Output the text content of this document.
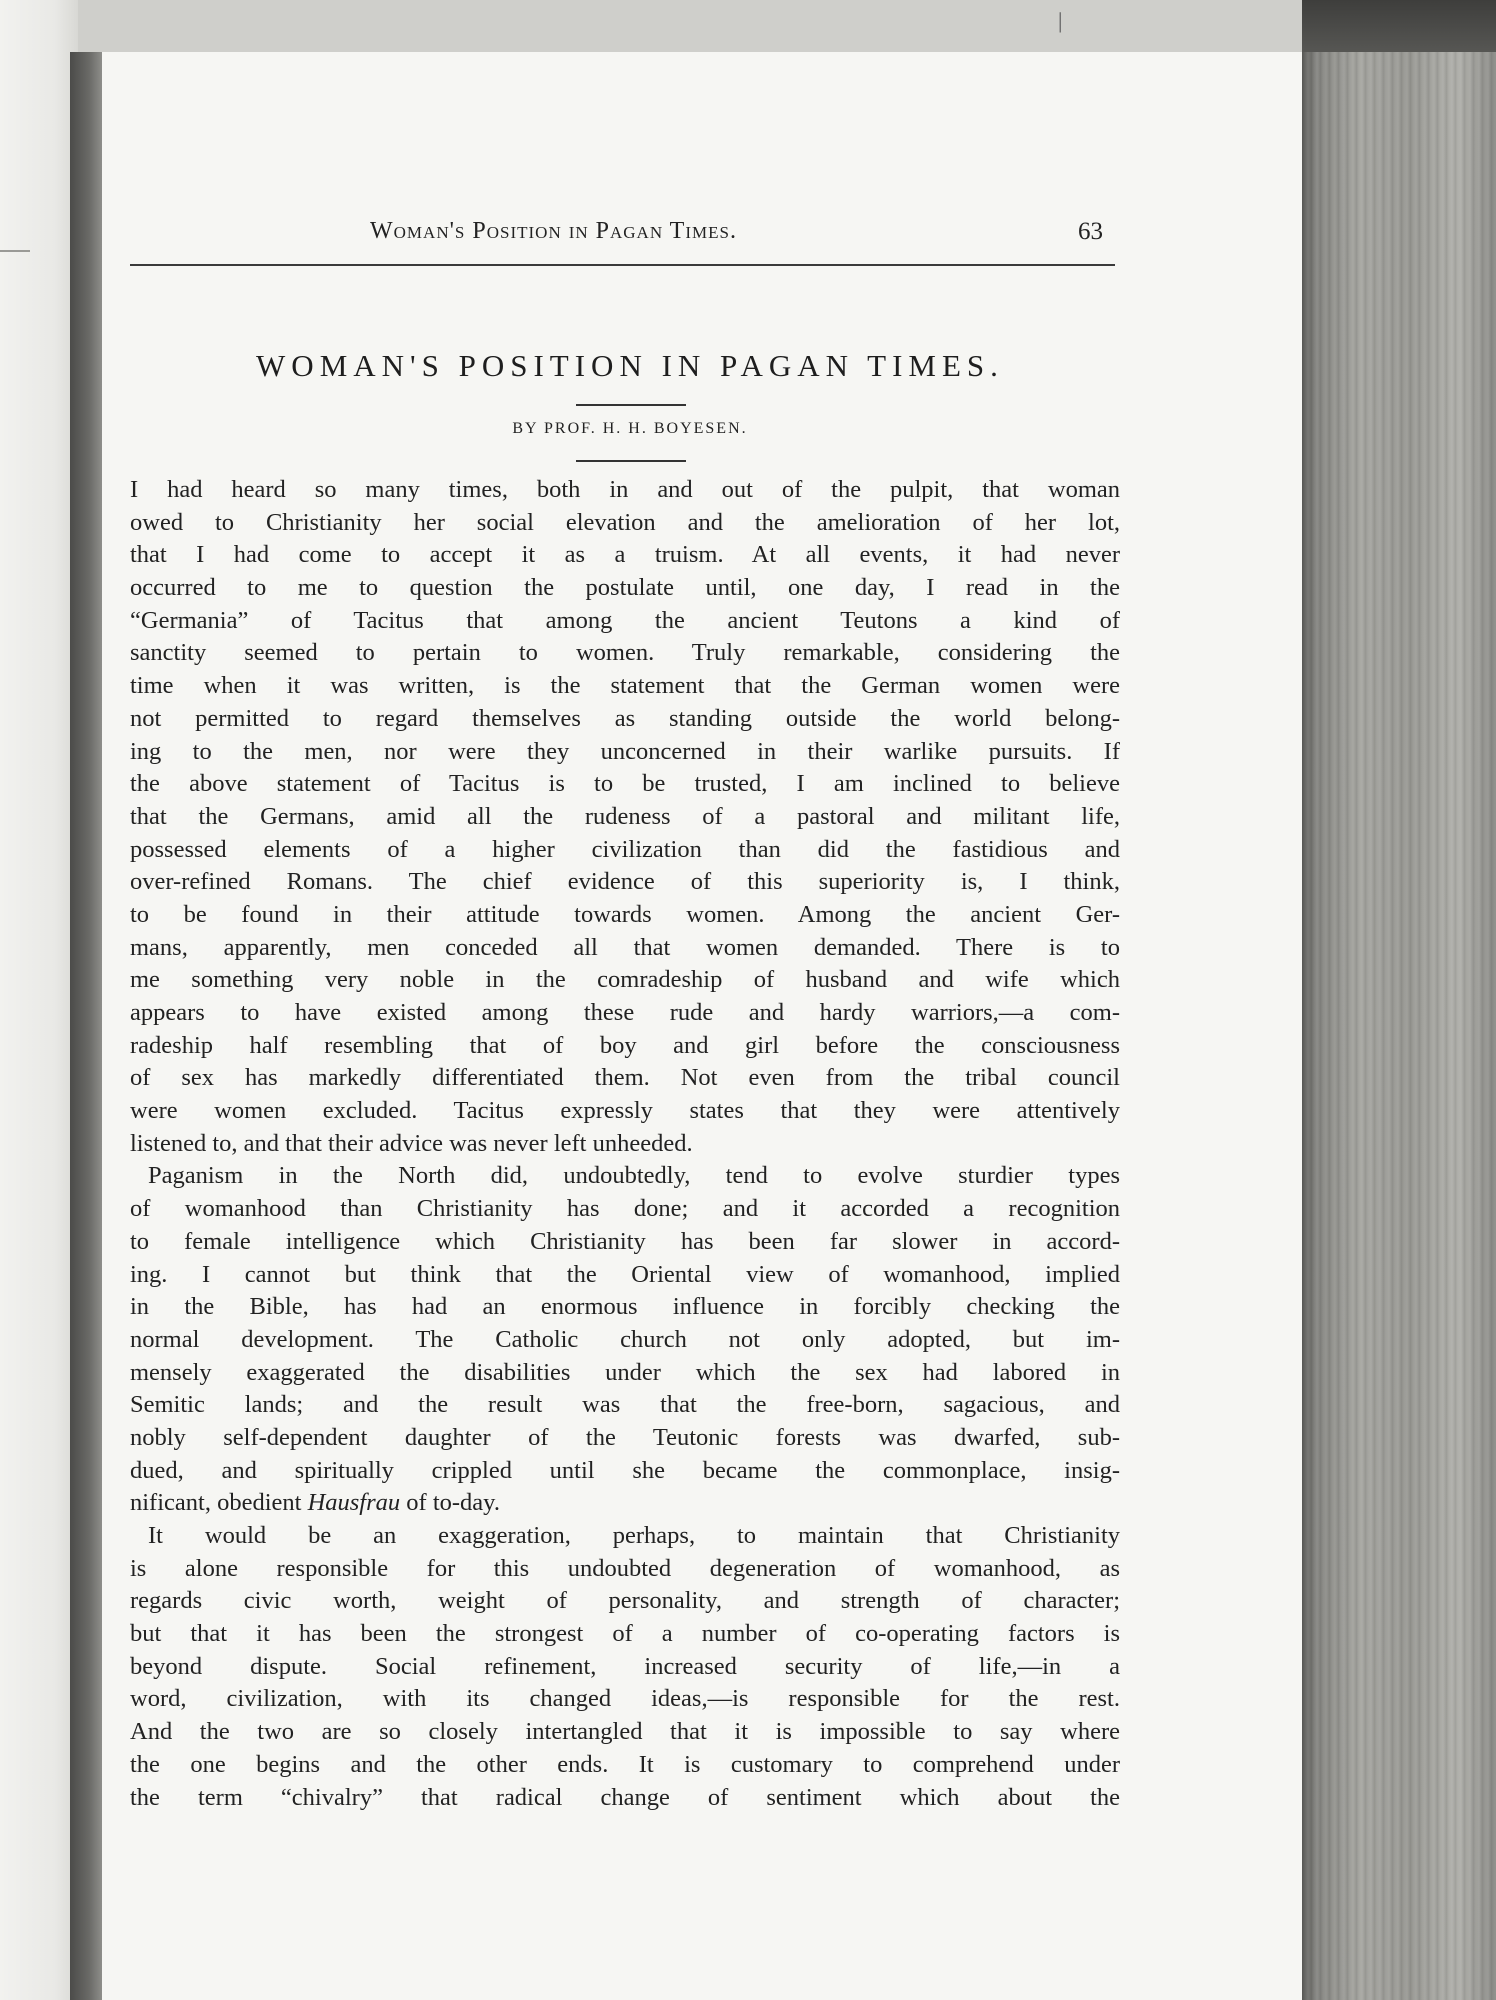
|
Woman's Position in Pagan Times.	63
WOMAN'S POSITION IN PAGAN TIMES.
BY PROF. H. H. BOYESEN.
I had heard so many times, both in and out of the pulpit, that woman
owed to Christianity her social elevation and the amelioration of her lot,
that I had come to accept it as a truism. At all events, it had never
occurred to me to question the postulate until, one day, I read in the
“Germania” of Tacitus that among the ancient Teutons a kind of
sanctity seemed to pertain to women. Truly remarkable, considering the
time when it was written, is the statement that the German women were
not permitted to regard themselves as standing outside the world belong-
ing to the men, nor were they unconcerned in their warlike pursuits. If
the above statement of Tacitus is to be trusted, I am inclined to believe
that the Germans, amid all the rudeness of a pastoral and militant life,
possessed elements of a higher civilization than did the fastidious and
over-refined Romans. The chief evidence of this superiority is, I think,
to be found in their attitude towards women. Among the ancient Ger-
mans, apparently, men conceded all that women demanded. There is to
me something very noble in the comradeship of husband and wife which
appears to have existed among these rude and hardy warriors,—a com-
radeship half resembling that of boy and girl before the consciousness
of sex has markedly differentiated them. Not even from the tribal council
were women excluded. Tacitus expressly states that they were attentively
listened to, and that their advice was never left unheeded.
Paganism in the North did, undoubtedly, tend to evolve sturdier types
of womanhood than Christianity has done; and it accorded a recognition
to female intelligence which Christianity has been far slower in accord-
ing. I cannot but think that the Oriental view of womanhood, implied
in the Bible, has had an enormous influence in forcibly checking the
normal development. The Catholic church not only adopted, but im-
mensely exaggerated the disabilities under which the sex had labored in
Semitic lands; and the result was that the free-born, sagacious, and
nobly self-dependent daughter of the Teutonic forests was dwarfed, sub-
dued, and spiritually crippled until she became the commonplace, insig-
nificant, obedient Hausfrau of to-day.
It would be an exaggeration, perhaps, to maintain that Christianity
is alone responsible for this undoubted degeneration of womanhood, as
regards civic worth, weight of personality, and strength of character;
but that it has been the strongest of a number of co-operating factors is
beyond dispute. Social refinement, increased security of life,—in a
word, civilization, with its changed ideas,—is responsible for the rest.
And the two are so closely intertangled that it is impossible to say where
the one begins and the other ends. It is customary to comprehend under
the term “chivalry” that radical change of sentiment which about the
